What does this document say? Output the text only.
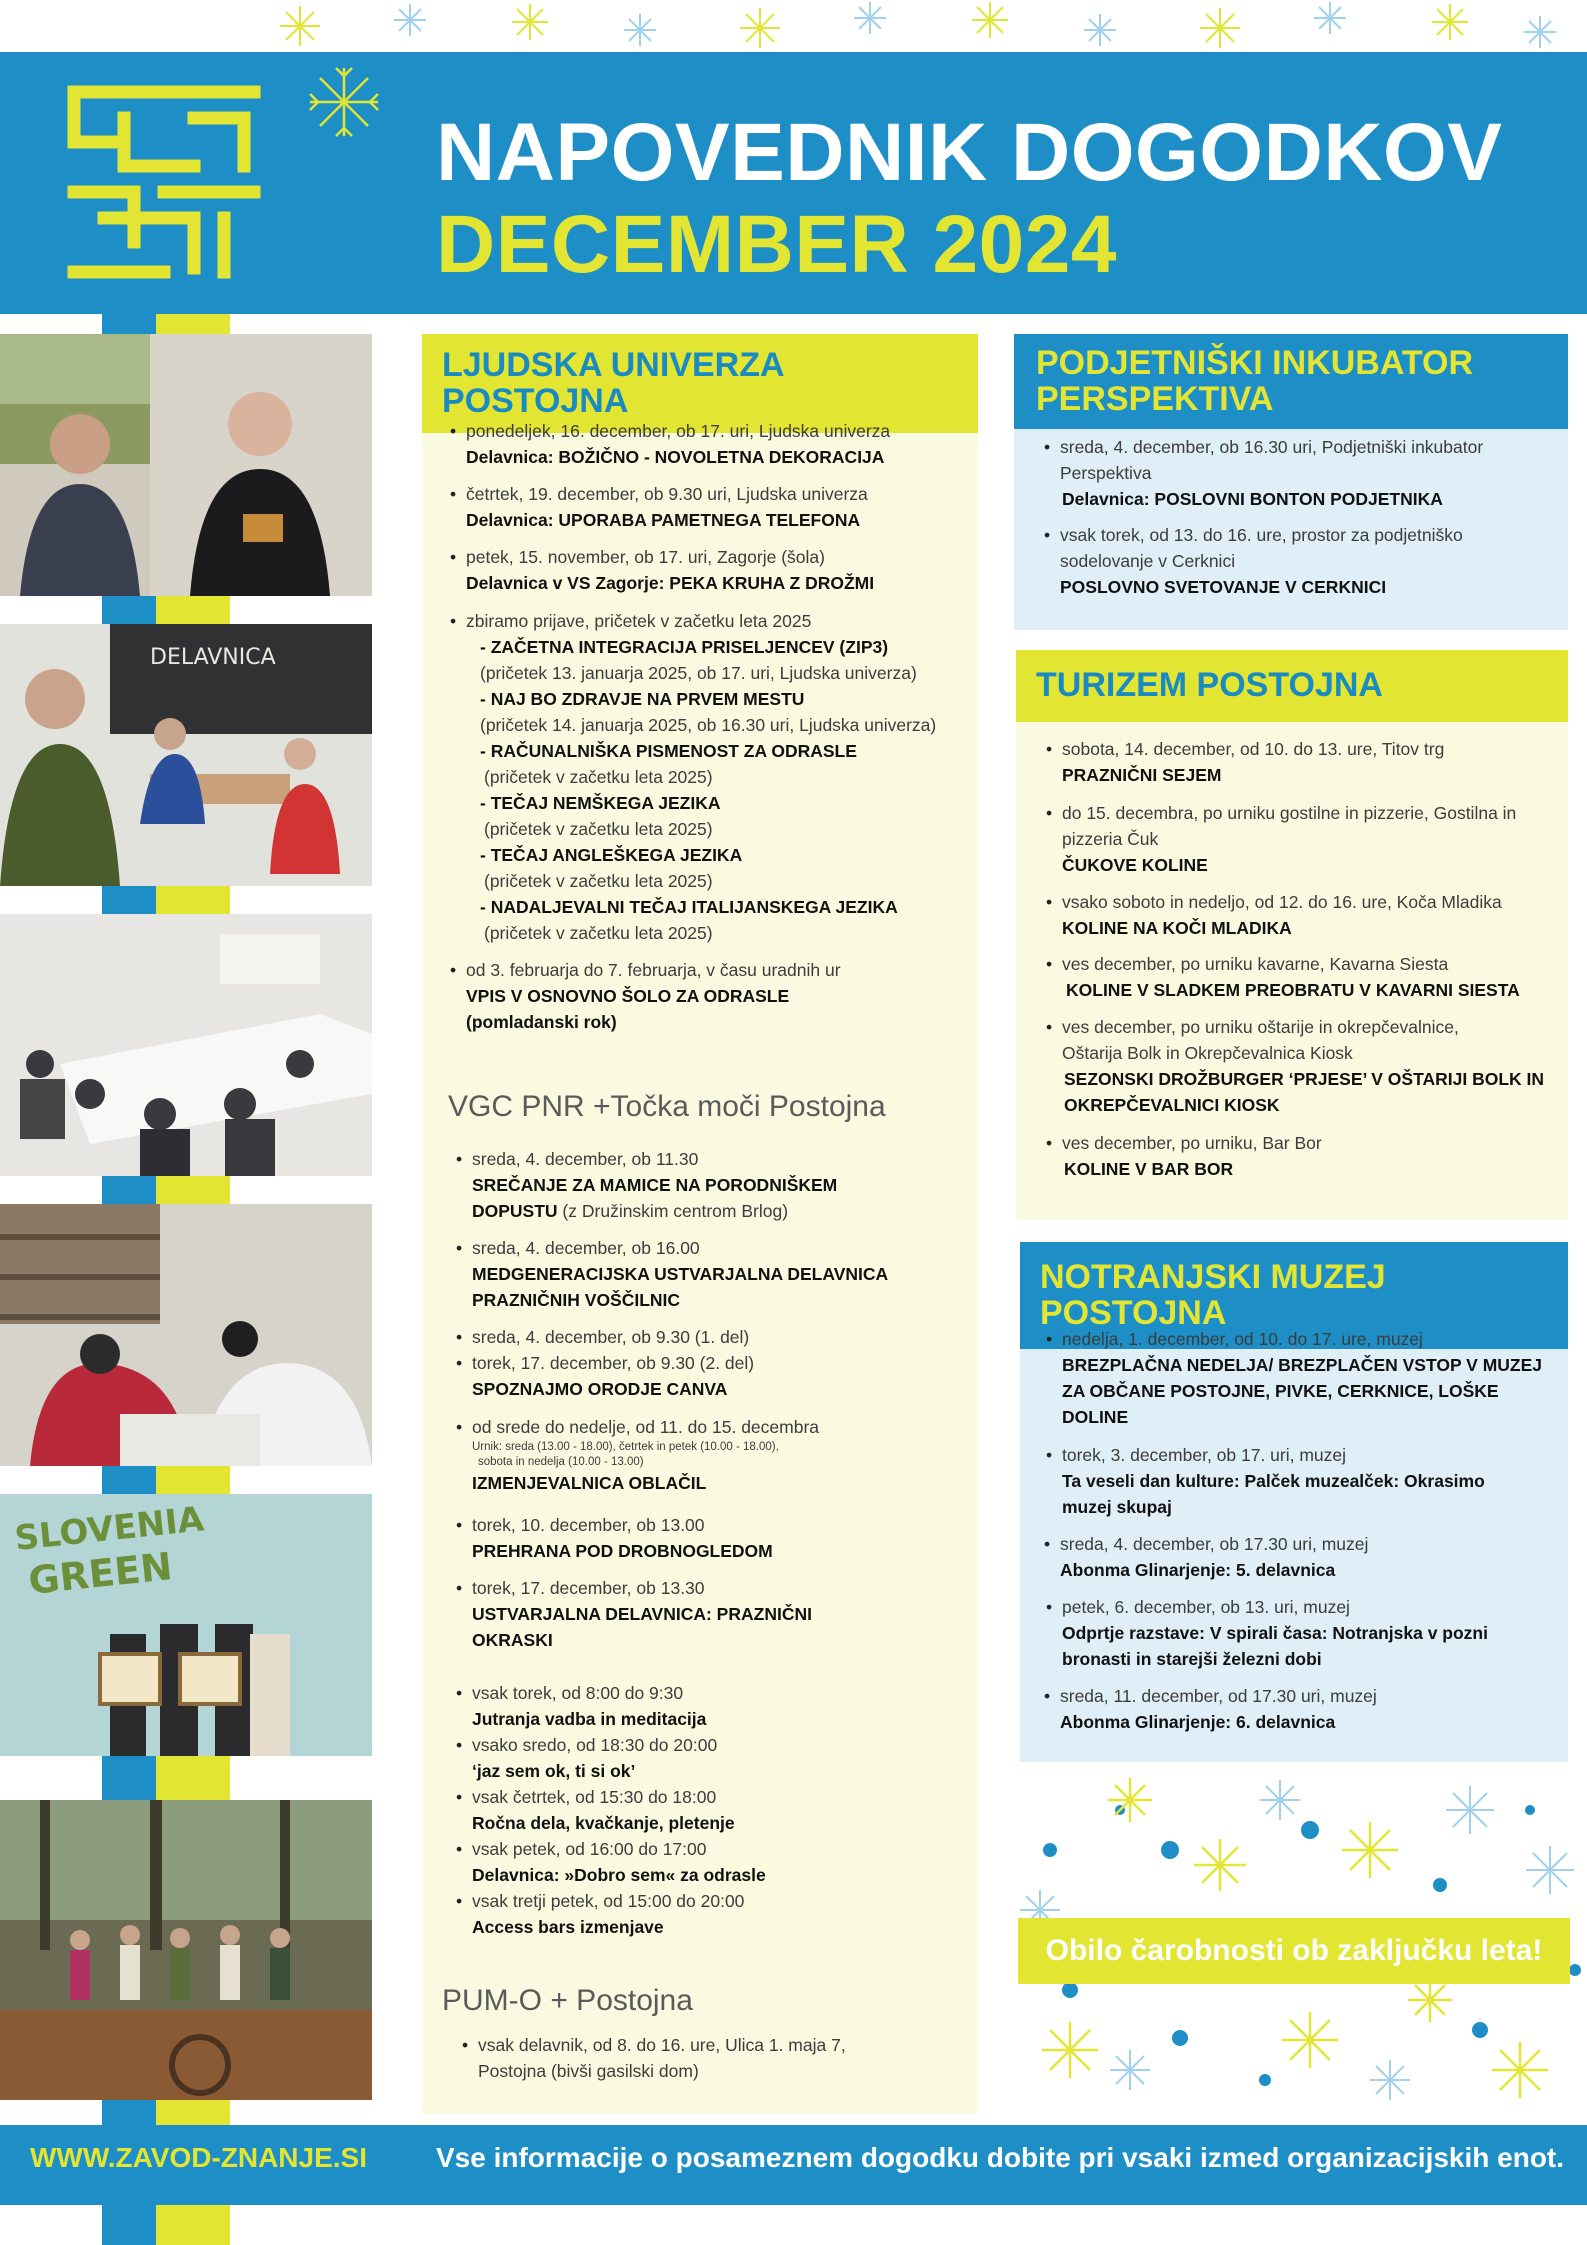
NAPOVEDNIK DOGODKOV
DECEMBER 2024
DELAVNICA
SLOVENIA
GREEN
LJUDSKA UNIVERZA POSTOJNA
• ponedeljek, 16. december, ob 17. uri, Ljudska univerza
Delavnica: BOŽIČNO - NOVOLETNA DEKORACIJA
• četrtek, 19. december, ob 9.30 uri, Ljudska univerza
Delavnica: UPORABA PAMETNEGA TELEFONA
• petek, 15. november, ob 17. uri, Zagorje (šola)
Delavnica v VS Zagorje: PEKA KRUHA Z DROŽMI
• zbiramo prijave, pričetek v začetku leta 2025
- ZAČETNA INTEGRACIJA PRISELJENCEV (ZIP3)
(pričetek 13. januarja 2025, ob 17. uri, Ljudska univerza)
- NAJ BO ZDRAVJE NA PRVEM MESTU
(pričetek 14. januarja 2025, ob 16.30 uri, Ljudska univerza)
- RAČUNALNIŠKA PISMENOST ZA ODRASLE
(pričetek v začetku leta 2025)
- TEČAJ NEMŠKEGA JEZIKA
(pričetek v začetku leta 2025)
- TEČAJ ANGLEŠKEGA JEZIKA
(pričetek v začetku leta 2025)
- NADALJEVALNI TEČAJ ITALIJANSKEGA JEZIKA
(pričetek v začetku leta 2025)
• od 3. februarja do 7. februarja, v času uradnih ur
VPIS V OSNOVNO ŠOLO ZA ODRASLE
(pomladanski rok)
VGC PNR +Točka moči Postojna
• sreda, 4. december, ob 11.30
SREČANJE ZA MAMICE NA PORODNIŠKEM
DOPUSTU (z Družinskim centrom Brlog)
• sreda, 4. december, ob 16.00
MEDGENERACIJSKA USTVARJALNA DELAVNICA
PRAZNIČNIH VOŠČILNIC
• sreda, 4. december, ob 9.30 (1. del)
• torek, 17. december, ob 9.30 (2. del)
SPOZNAJMO ORODJE CANVA
• od srede do nedelje, od 11. do 15. decembra
Urnik: sreda (13.00 - 18.00), četrtek in petek (10.00 - 18.00),
sobota in nedelja (10.00 - 13.00)
IZMENJEVALNICA OBLAČIL
• torek, 10. december, ob 13.00
PREHRANA POD DROBNOGLEDOM
• torek, 17. december, ob 13.30
USTVARJALNA DELAVNICA: PRAZNIČNI
OKRASKI
• vsak torek, od 8:00 do 9:30
Jutranja vadba in meditacija
• vsako sredo, od 18:30 do 20:00
‘jaz sem ok, ti si ok’
• vsak četrtek, od 15:30 do 18:00
Ročna dela, kvačkanje, pletenje
• vsak petek, od 16:00 do 17:00
Delavnica: »Dobro sem« za odrasle
• vsak tretji petek, od 15:00 do 20:00
Access bars izmenjave
PUM-O + Postojna
• vsak delavnik, od 8. do 16. ure, Ulica 1. maja 7,
Postojna (bivši gasilski dom)
PODJETNIŠKI INKUBATOR
PERSPEKTIVA
• sreda, 4. december, ob 16.30 uri, Podjetniški inkubator
Perspektiva
Delavnica: POSLOVNI BONTON PODJETNIKA
• vsak torek, od 13. do 16. ure, prostor za podjetniško
sodelovanje v Cerknici
POSLOVNO SVETOVANJE V CERKNICI
TURIZEM POSTOJNA
• sobota, 14. december, od 10. do 13. ure, Titov trg
PRAZNIČNI SEJEM
• do 15. decembra, po urniku gostilne in pizzerie, Gostilna in
pizzeria Čuk
ČUKOVE KOLINE
• vsako soboto in nedeljo, od 12. do 16. ure, Koča Mladika
KOLINE NA KOČI MLADIKA
• ves december, po urniku kavarne, Kavarna Siesta
KOLINE V SLADKEM PREOBRATU V KAVARNI SIESTA
• ves december, po urniku oštarije in okrepčevalnice,
Oštarija Bolk in Okrepčevalnica Kiosk
SEZONSKI DROŽBURGER ‘PRJESE’ V OŠTARIJI BOLK IN
OKREPČEVALNICI KIOSK
• ves december, po urniku, Bar Bor
KOLINE V BAR BOR
NOTRANJSKI MUZEJ POSTOJNA
• nedelja, 1. december, od 10. do 17. ure, muzej
BREZPLAČNA NEDELJA/ BREZPLAČEN VSTOP V MUZEJ
ZA OBČANE POSTOJNE, PIVKE, CERKNICE, LOŠKE
DOLINE
• torek, 3. december, ob 17. uri, muzej
Ta veseli dan kulture: Palček muzealček: Okrasimo
muzej skupaj
• sreda, 4. december, ob 17.30 uri, muzej
Abonma Glinarjenje: 5. delavnica
• petek, 6. december, ob 13. uri, muzej
Odprtje razstave: V spirali časa: Notranjska v pozni
bronasti in starejši železni dobi
• sreda, 11. december, od 17.30 uri, muzej
Abonma Glinarjenje: 6. delavnica
Obilo čarobnosti ob zaključku leta!
WWW.ZAVOD-ZNANJE.SI Vse informacije o posameznem dogodku dobite pri vsaki izmed organizacijskih enot.
